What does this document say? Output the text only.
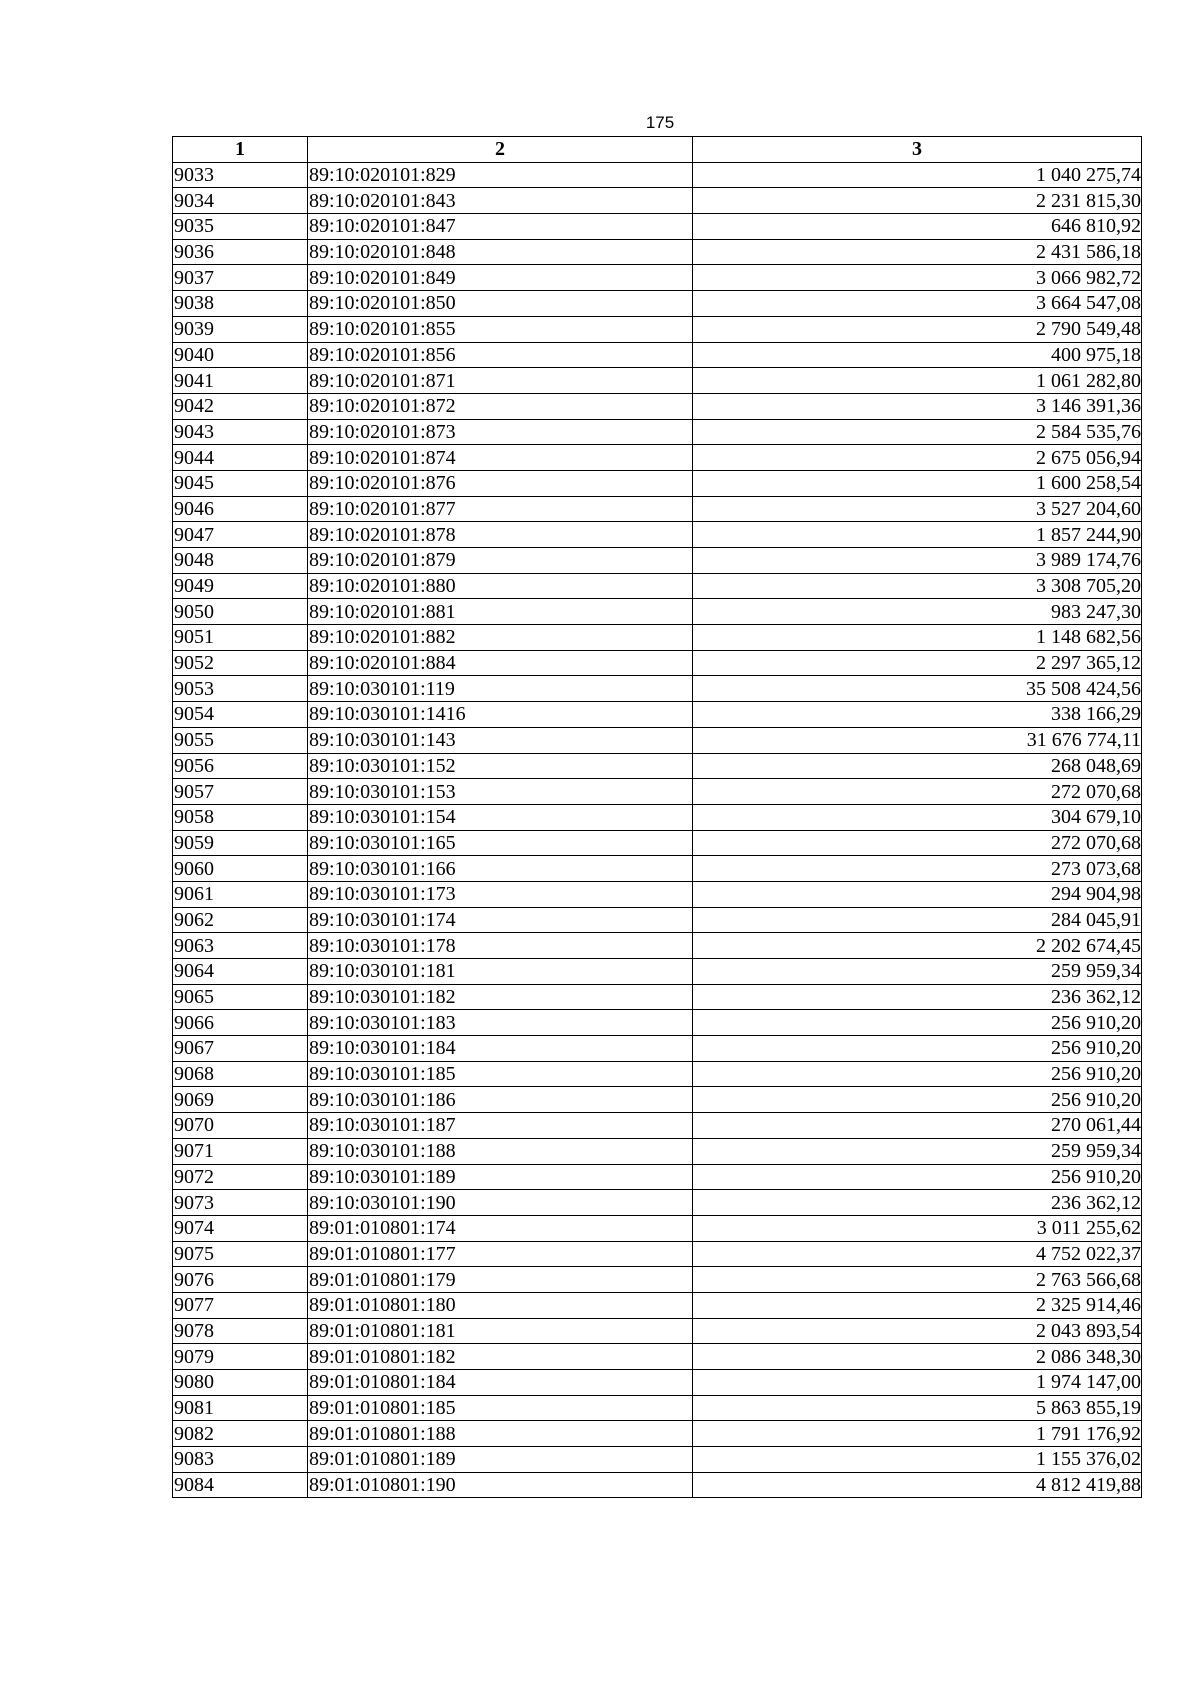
175
1	2	3
9033	89:10:020101:829	1 040 275,74
9034	89:10:020101:843	2 231 815,30
9035	89:10:020101:847	646 810,92
9036	89:10:020101:848	2 431 586,18
9037	89:10:020101:849	3 066 982,72
9038	89:10:020101:850	3 664 547,08
9039	89:10:020101:855	2 790 549,48
9040	89:10:020101:856	400 975,18
9041	89:10:020101:871	1 061 282,80
9042	89:10:020101:872	3 146 391,36
9043	89:10:020101:873	2 584 535,76
9044	89:10:020101:874	2 675 056,94
9045	89:10:020101:876	1 600 258,54
9046	89:10:020101:877	3 527 204,60
9047	89:10:020101:878	1 857 244,90
9048	89:10:020101:879	3 989 174,76
9049	89:10:020101:880	3 308 705,20
9050	89:10:020101:881	983 247,30
9051	89:10:020101:882	1 148 682,56
9052	89:10:020101:884	2 297 365,12
9053	89:10:030101:119	35 508 424,56
9054	89:10:030101:1416	338 166,29
9055	89:10:030101:143	31 676 774,11
9056	89:10:030101:152	268 048,69
9057	89:10:030101:153	272 070,68
9058	89:10:030101:154	304 679,10
9059	89:10:030101:165	272 070,68
9060	89:10:030101:166	273 073,68
9061	89:10:030101:173	294 904,98
9062	89:10:030101:174	284 045,91
9063	89:10:030101:178	2 202 674,45
9064	89:10:030101:181	259 959,34
9065	89:10:030101:182	236 362,12
9066	89:10:030101:183	256 910,20
9067	89:10:030101:184	256 910,20
9068	89:10:030101:185	256 910,20
9069	89:10:030101:186	256 910,20
9070	89:10:030101:187	270 061,44
9071	89:10:030101:188	259 959,34
9072	89:10:030101:189	256 910,20
9073	89:10:030101:190	236 362,12
9074	89:01:010801:174	3 011 255,62
9075	89:01:010801:177	4 752 022,37
9076	89:01:010801:179	2 763 566,68
9077	89:01:010801:180	2 325 914,46
9078	89:01:010801:181	2 043 893,54
9079	89:01:010801:182	2 086 348,30
9080	89:01:010801:184	1 974 147,00
9081	89:01:010801:185	5 863 855,19
9082	89:01:010801:188	1 791 176,92
9083	89:01:010801:189	1 155 376,02
9084	89:01:010801:190	4 812 419,88
